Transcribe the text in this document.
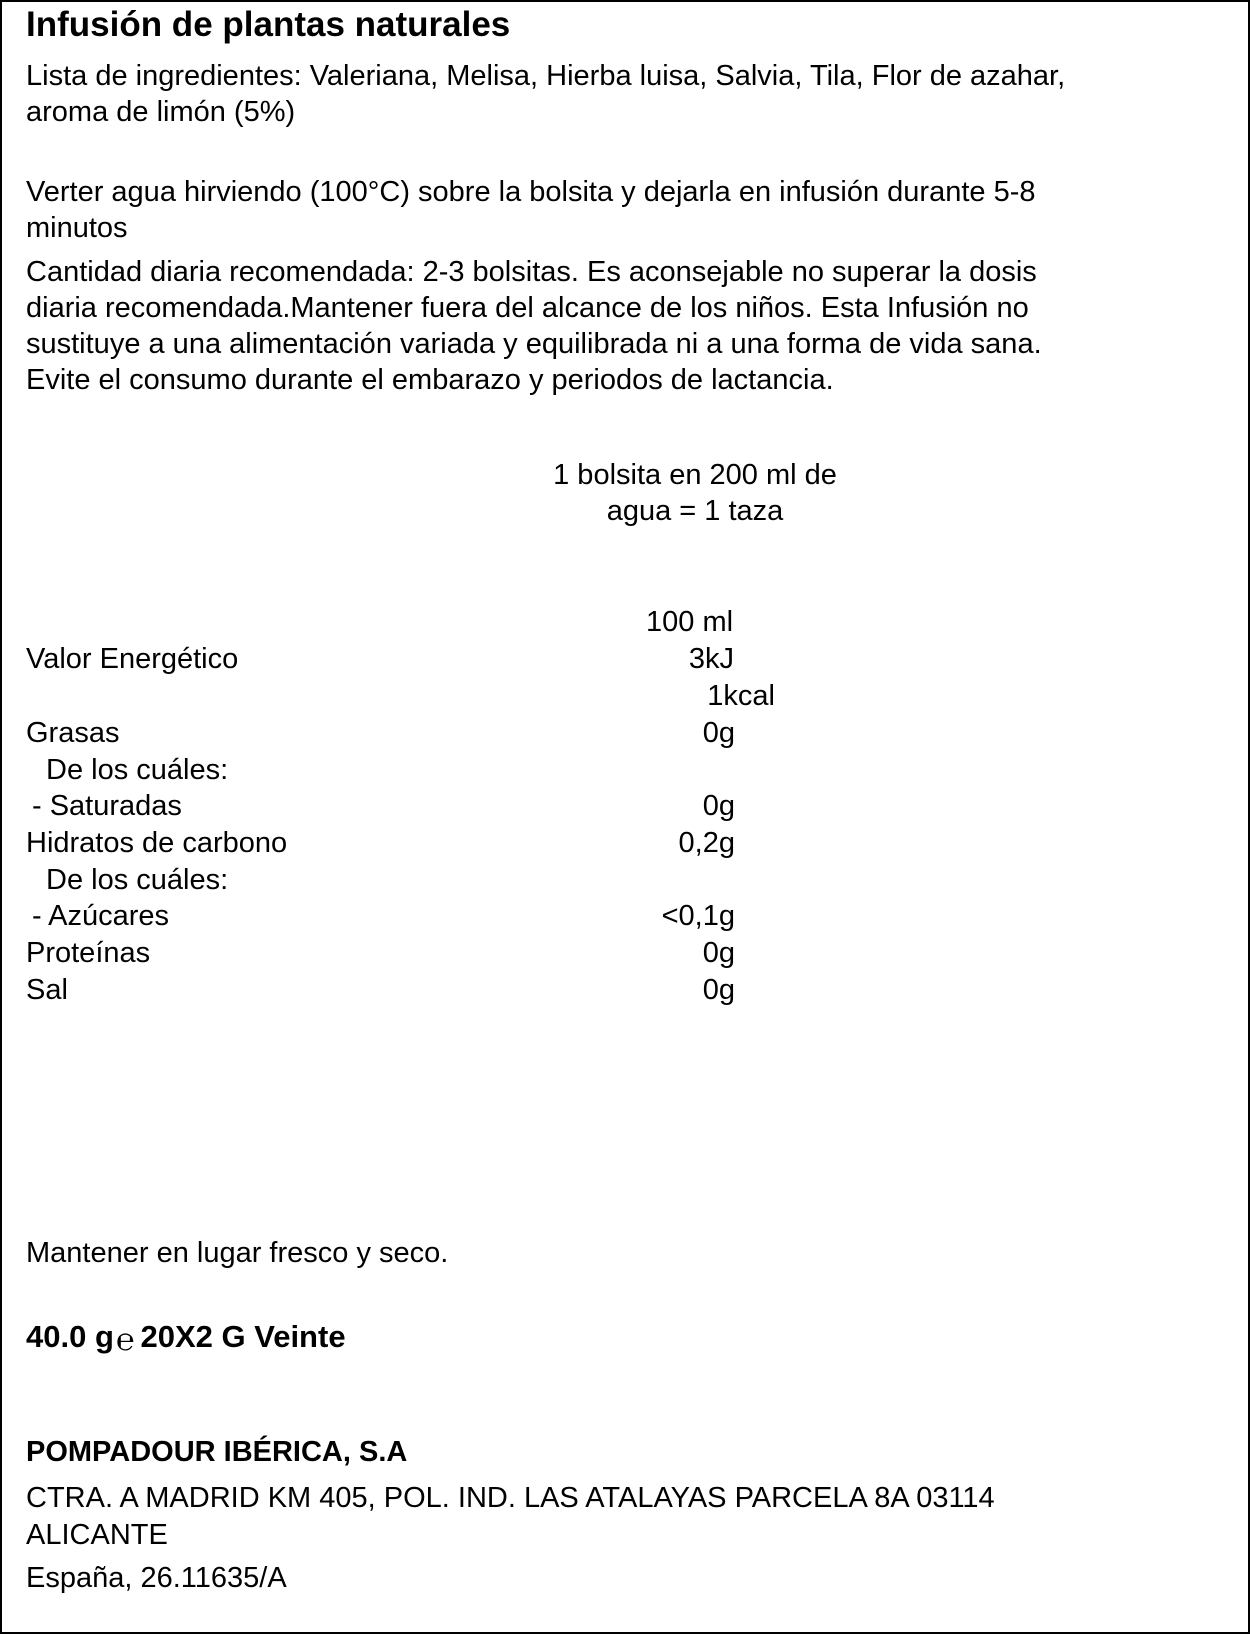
Infusión de plantas naturales
Lista de ingredientes: Valeriana, Melisa, Hierba luisa, Salvia, Tila, Flor de azahar,
aroma de limón (5%)
Verter agua hirviendo (100°C) sobre la bolsita y dejarla en infusión durante 5-8
minutos
Cantidad diaria recomendada: 2-3 bolsitas. Es aconsejable no superar la dosis
diaria recomendada.Mantener fuera del alcance de los niños. Esta Infusión no
sustituye a una alimentación variada y equilibrada ni a una forma de vida sana.
Evite el consumo durante el embarazo y periodos de lactancia.
1 bolsita en 200 ml de
agua = 1 taza
100 ml
Valor Energético	3kJ
1kcal
Grasas	0g
De los cuáles:
- Saturadas	0g
Hidratos de carbono	0,2g
De los cuáles:
- Azúcares	<0,1g
Proteínas	0g
Sal	0g
Mantener en lugar fresco y seco.
40.0 g℮ 20X2 G Veinte
POMPADOUR IBÉRICA, S.A
CTRA. A MADRID KM 405, POL. IND. LAS ATALAYAS PARCELA 8A 03114
ALICANTE
España, 26.11635/A
